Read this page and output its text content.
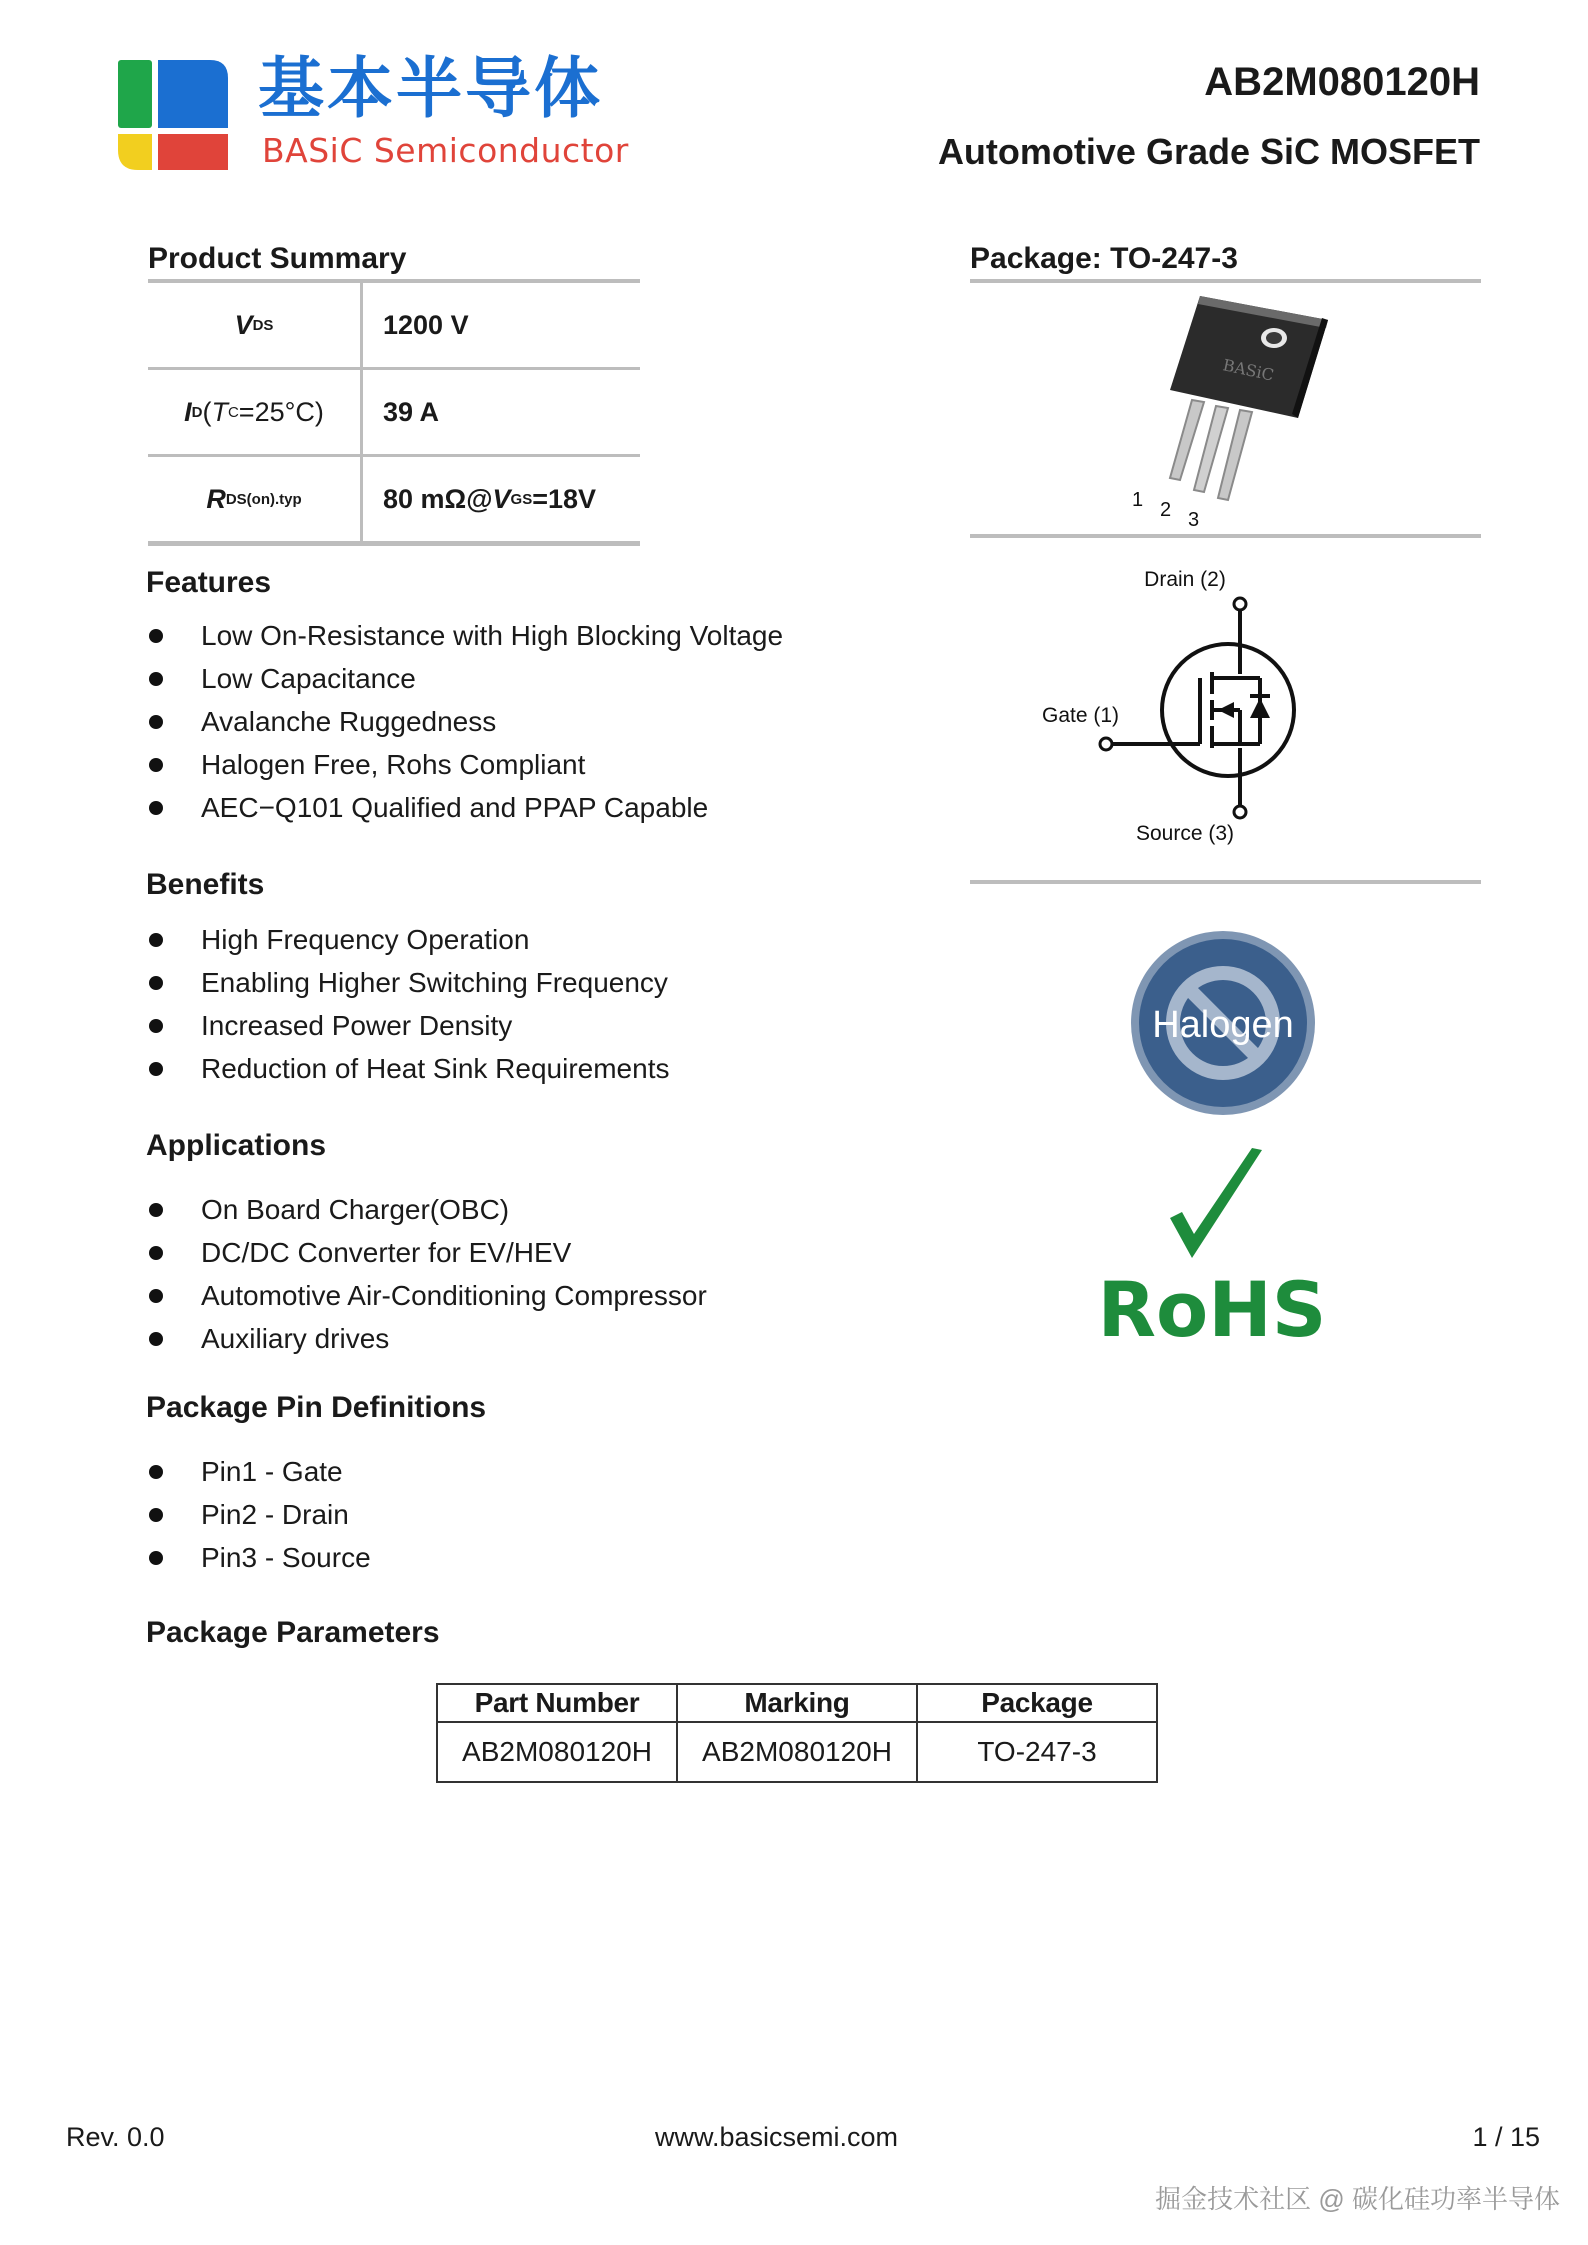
基本半导体
BASiC Semiconductor
AB2M080120H
Automotive Grade SiC MOSFET
Product Summary
V DS	1200 V
I D ( T C =25°C)	39 A
R DS(on).typ	80 mΩ@ V GS =18V
Package: TO-247-3
BASiC
1 2 3
Drain (2)
Gate (1)
Source (3)
Halogen
RoHS
Features
Low On-Resistance with High Blocking Voltage
Low Capacitance
Avalanche Ruggedness
Halogen Free, Rohs Compliant
AEC−Q101 Qualified and PPAP Capable
Benefits
High Frequency Operation
Enabling Higher Switching Frequency
Increased Power Density
Reduction of Heat Sink Requirements
Applications
On Board Charger(OBC)
DC/DC Converter for EV/HEV
Automotive Air-Conditioning Compressor
Auxiliary drives
Package Pin Definitions
Pin1 - Gate
Pin2 - Drain
Pin3 - Source
Package Parameters
Part Number	Marking	Package
AB2M080120H	AB2M080120H	TO-247-3
Rev. 0.0	www.basicsemi.com	1 / 15
掘金技术社区 @ 碳化硅功率半导体
